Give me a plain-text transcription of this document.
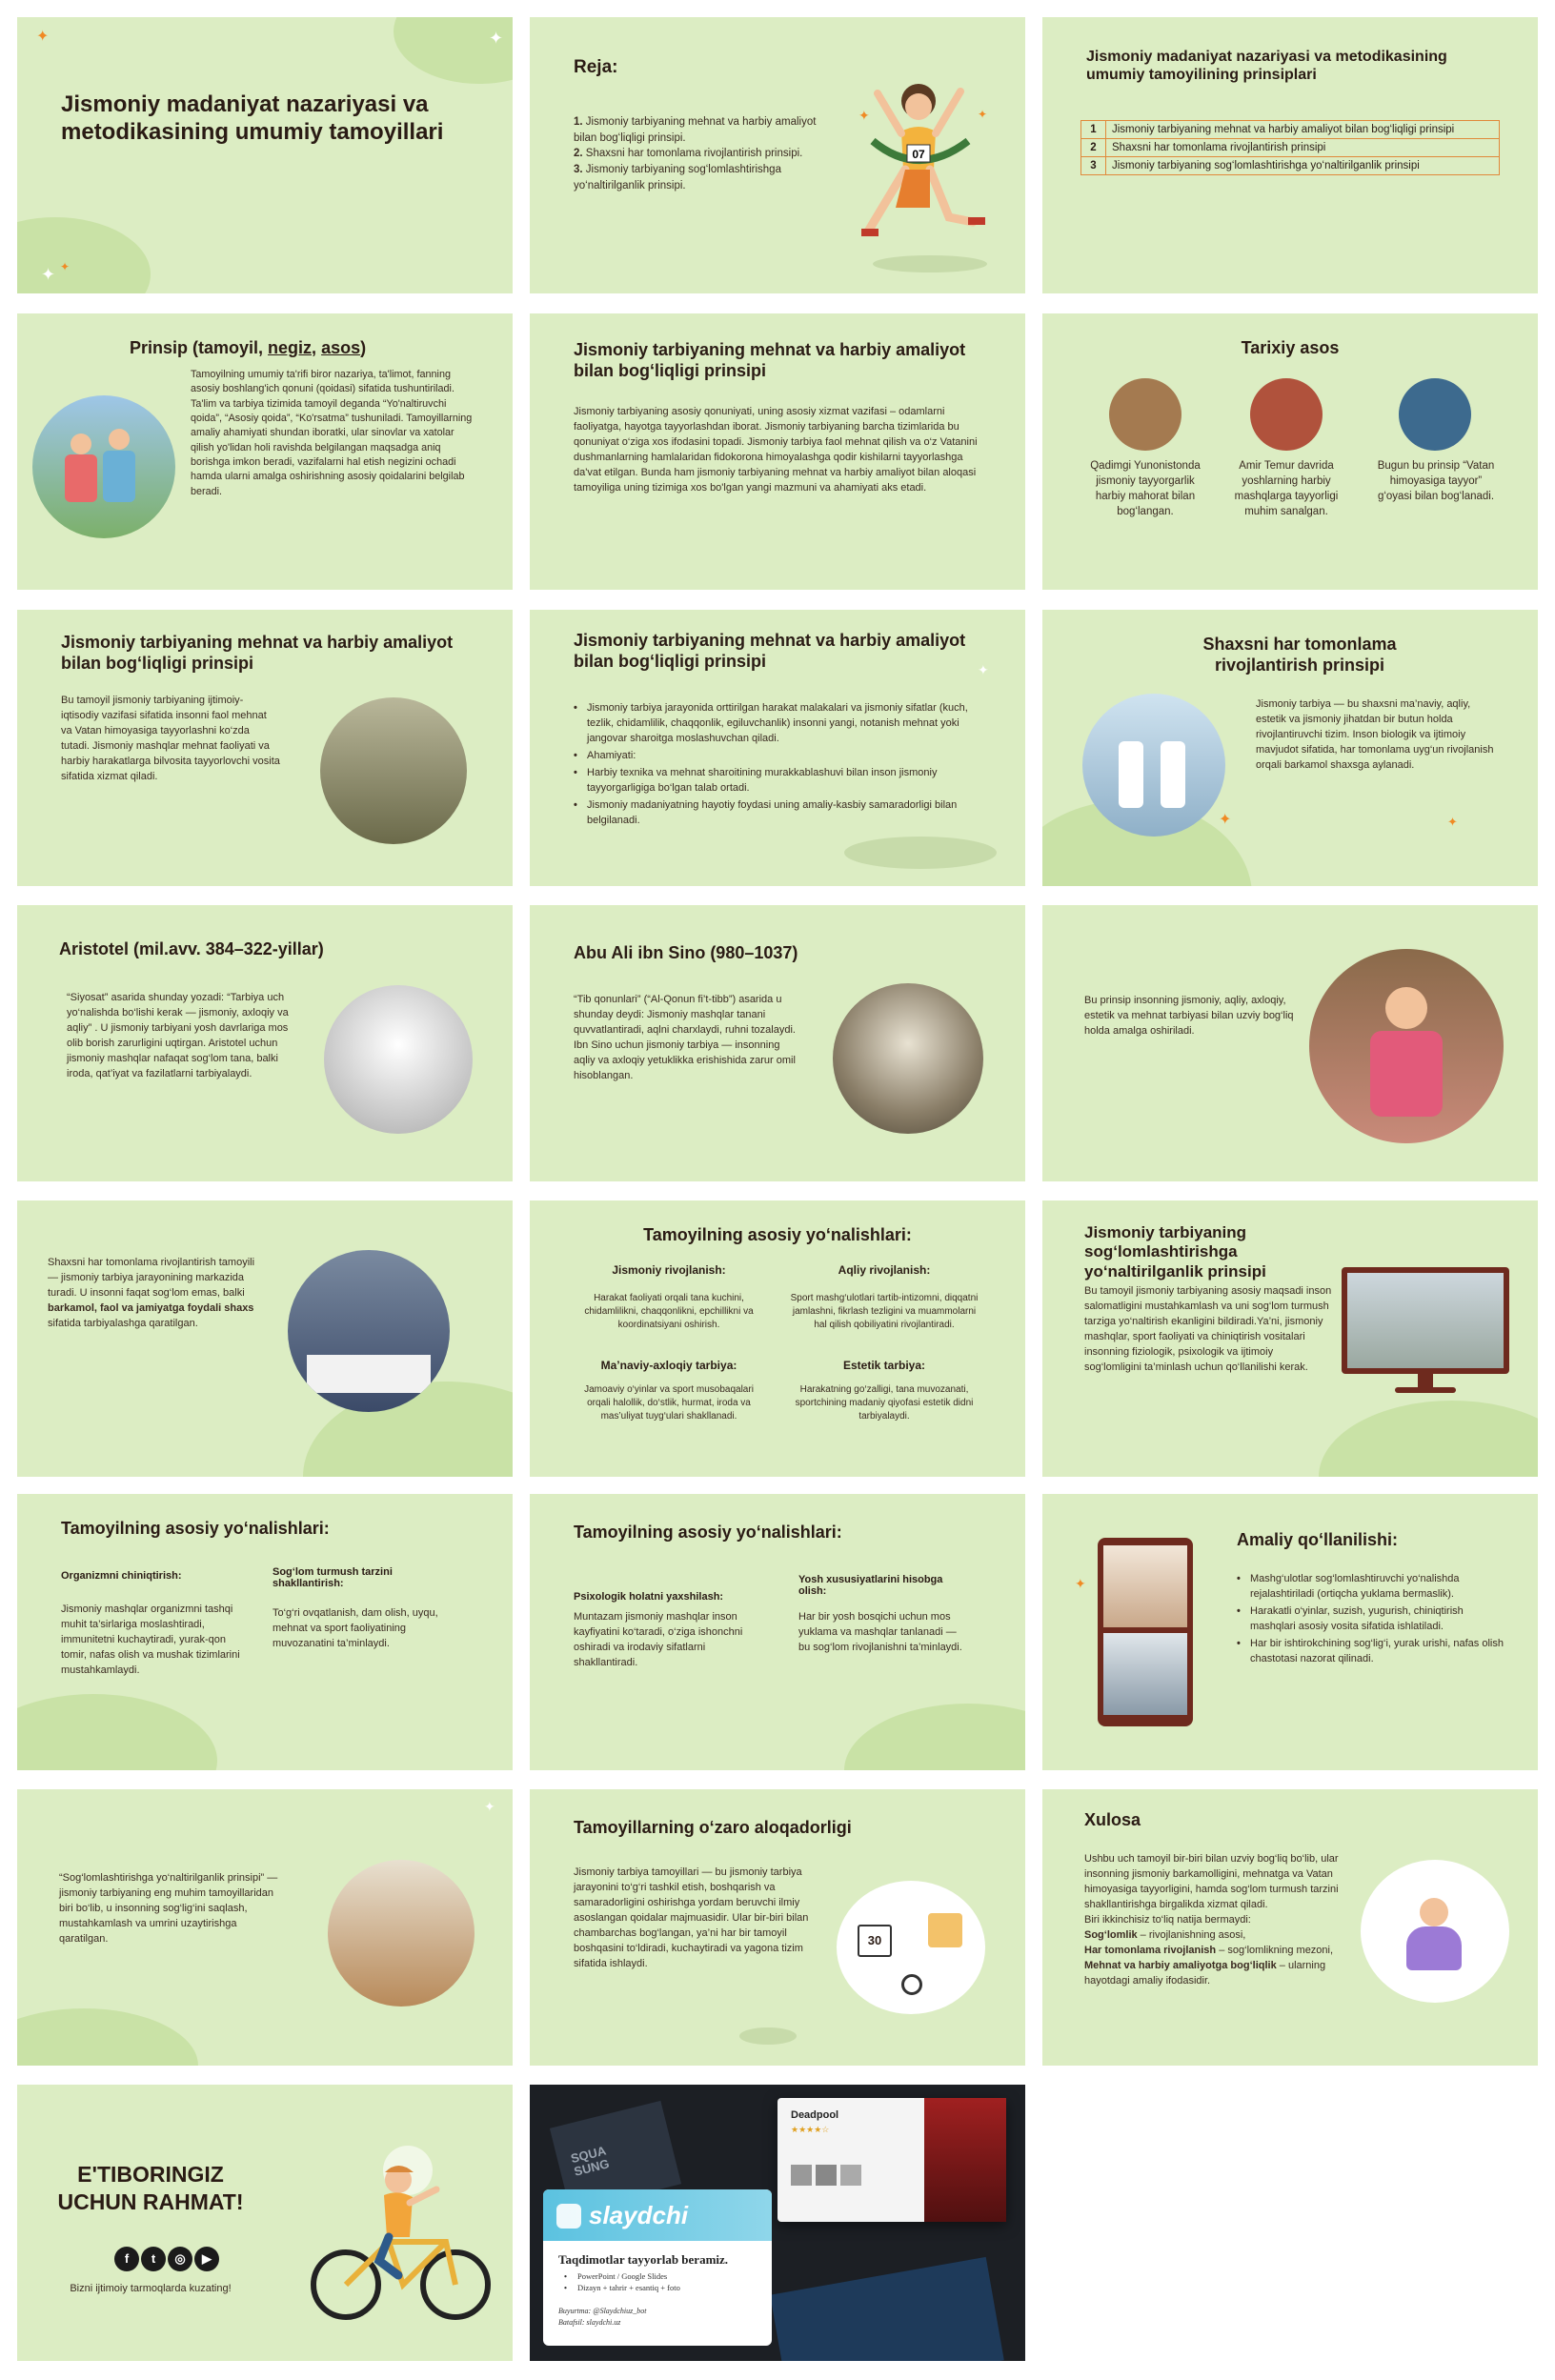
✦	✦
✦ ✦
Jismoniy madaniyat nazariyasi va metodikasining umumiy tamoyillari
Reja:
1. Jismoniy tarbiyaning mehnat va harbiy amaliyot bilan bog‘liqligi prinsipi.
2. Shaxsni har tomonlama rivojlantirish prinsipi.
3. Jismoniy tarbiyaning sog‘lomlashtirishga yo‘naltirilganlik prinsipi.
07
✦	✦
Jismoniy madaniyat nazariyasi va metodikasining umumiy tamoyilining prinsiplari
1	Jismoniy tarbiyaning mehnat va harbiy amaliyot bilan bog‘liqligi prinsipi
2	Shaxsni har tomonlama rivojlantirish prinsipi
3	Jismoniy tarbiyaning sog‘lomlashtirishga yo‘naltirilganlik prinsipi
Prinsip (tamoyil, negiz, asos)
Tamoyilning umumiy ta'rifi biror nazariya, ta'limot, fanning asosiy boshlang'ich qonuni (qoidasi) sifatida tushuntiriladi. Ta'lim va tarbiya tizimida tamoyil deganda “Yo'naltiruvchi qoida”, “Asosiy qoida”, “Ko'rsatma” tushuniladi. Tamoyillarning amaliy ahamiyati shundan iboratki, ular sinovlar va xatolar qilish yo'lidan holi ravishda belgilangan maqsadga aniq borishga imkon beradi, vazifalarni hal etish negizini ochadi hamda ularni amalga oshirishning asosiy qoidalarini belgilab beradi.
Jismoniy tarbiyaning mehnat va harbiy amaliyot bilan bog‘liqligi prinsipi
Jismoniy tarbiyaning asosiy qonuniyati, uning asosiy xizmat vazifasi – odamlarni faoliyatga, hayotga tayyorlashdan iborat. Jismoniy tarbiyaning barcha tizimlarida bu qonuniyat o‘ziga xos ifodasini topadi. Jismoniy tarbiya faol mehnat qilish va o‘z Vatanini dushmanlarning hamlalaridan fidokorona himoyalashga qodir kishilarni tayyorlashga da'vat etilgan. Bunda ham jismoniy tarbiyaning mehnat va harbiy amaliyot bilan aloqasi tamoyiliga uning tizimiga xos bo'lgan yangi mazmuni va ahamiyati aks etadi.
Tarixiy asos
Qadimgi Yunonistonda jismoniy tayyorgarlik harbiy mahorat bilan bog‘langan.
Amir Temur davrida yoshlarning harbiy mashqlarga tayyorligi muhim sanalgan.
Bugun bu prinsip “Vatan himoyasiga tayyor” g‘oyasi bilan bog‘lanadi.
Jismoniy tarbiyaning mehnat va harbiy amaliyot bilan bog‘liqligi prinsipi
Bu tamoyil jismoniy tarbiyaning ijtimoiy-iqtisodiy vazifasi sifatida insonni faol mehnat va Vatan himoyasiga tayyorlashni ko‘zda tutadi. Jismoniy mashqlar mehnat faoliyati va harbiy harakatlarga bilvosita tayyorlovchi vosita sifatida xizmat qiladi.
Jismoniy tarbiyaning mehnat va harbiy amaliyot bilan bog‘liqligi prinsipi	✦
• Jismoniy tarbiya jarayonida orttirilgan harakat malakalari va jismoniy sifatlar (kuch, tezlik, chidamlilik, chaqqonlik, egiluvchanlik) insonni yangi, notanish mehnat yoki jangovar sharoitga moslashuvchan qiladi.
• Ahamiyati:
• Harbiy texnika va mehnat sharoitining murakkablashuvi bilan inson jismoniy tayyorgarligiga bo‘lgan talab ortadi.
• Jismoniy madaniyatning hayotiy foydasi uning amaliy-kasbiy samaradorligi bilan belgilanadi.
Shaxsni har tomonlama rivojlantirish prinsipi
Jismoniy tarbiya — bu shaxsni ma’naviy, aqliy, estetik va jismoniy jihatdan bir butun holda rivojlantiruvchi tizim. Inson biologik va ijtimoiy mavjudot sifatida, har tomonlama uyg‘un rivojlanish orqali barkamol shaxsga aylanadi.
✦	✦
Aristotel (mil.avv. 384–322-yillar)
“Siyosat” asarida shunday yozadi: “Tarbiya uch yo‘nalishda bo‘lishi kerak — jismoniy, axloqiy va aqliy” . U jismoniy tarbiyani yosh davrlariga mos olib borish zarurligini uqtirgan. Aristotel uchun jismoniy mashqlar nafaqat sog‘lom tana, balki iroda, qat’iyat va fazilatlarni tarbiyalaydi.
Abu Ali ibn Sino (980–1037)
“Tib qonunlari” (“Al-Qonun fi’t-tibb”) asarida u shunday deydi: Jismoniy mashqlar tanani quvvatlantiradi, aqlni charxlaydi, ruhni tozalaydi. Ibn Sino uchun jismoniy tarbiya — insonning aqliy va axloqiy yetuklikka erishishida zarur omil hisoblangan.
Bu prinsip insonning jismoniy, aqliy, axloqiy, estetik va mehnat tarbiyasi bilan uzviy bog‘liq holda amalga oshiriladi.
Shaxsni har tomonlama rivojlantirish tamoyili — jismoniy tarbiya jarayonining markazida turadi. U insonni faqat sog‘lom emas, balki barkamol, faol va jamiyatga foydali shaxs sifatida tarbiyalashga qaratilgan.
Tamoyilning asosiy yo‘nalishlari:
Jismoniy rivojlanish:
Harakat faoliyati orqali tana kuchini, chidamlilikni, chaqqonlikni, epchillikni va koordinatsiyani oshirish.
Aqliy rivojlanish:
Sport mashg‘ulotlari tartib-intizomni, diqqatni jamlashni, fikrlash tezligini va muammolarni hal qilish qobiliyatini rivojlantiradi.
Ma’naviy-axloqiy tarbiya:
Jamoaviy o‘yinlar va sport musobaqalari orqali halollik, do‘stlik, hurmat, iroda va mas’uliyat tuyg‘ulari shakllanadi.
Estetik tarbiya:
Harakatning go‘zalligi, tana muvozanati, sportchining madaniy qiyofasi estetik didni tarbiyalaydi.
Jismoniy tarbiyaning sog‘lomlashtirishga yo‘naltirilganlik prinsipi
Bu tamoyil jismoniy tarbiyaning asosiy maqsadi inson salomatligini mustahkamlash va uni sog‘lom turmush tarziga yo‘naltirish ekanligini bildiradi.Ya’ni, jismoniy mashqlar, sport faoliyati va chiniqtirish vositalari insonning fiziologik, psixologik va ijtimoiy sog‘lomligini ta’minlash uchun qo‘llanilishi kerak.
Tamoyilning asosiy yo‘nalishlari:
Organizmni chiniqtirish:
Jismoniy mashqlar organizmni tashqi muhit ta’sirlariga moslashtiradi, immunitetni kuchaytiradi, yurak-qon tomir, nafas olish va mushak tizimlarini mustahkamlaydi.
Sog‘lom turmush tarzini shakllantirish:
To‘g‘ri ovqatlanish, dam olish, uyqu, mehnat va sport faoliyatining muvozanatini ta’minlaydi.
Tamoyilning asosiy yo‘nalishlari:
Psixologik holatni yaxshilash:
Muntazam jismoniy mashqlar inson kayfiyatini ko‘taradi, o‘ziga ishonchni oshiradi va irodaviy sifatlarni shakllantiradi.
Yosh xususiyatlarini hisobga olish:
Har bir yosh bosqichi uchun mos yuklama va mashqlar tanlanadi — bu sog‘lom rivojlanishni ta’minlaydi.
✦
Amaliy qo‘llanilishi:
• Mashg‘ulotlar sog‘lomlashtiruvchi yo‘nalishda rejalashtiriladi (ortiqcha yuklama bermaslik).
• Harakatli o‘yinlar, suzish, yugurish, chiniqtirish mashqlari asosiy vosita sifatida ishlatiladi.
• Har bir ishtirokchining sog‘lig‘i, yurak urishi, nafas olish chastotasi nazorat qilinadi.
✦
“Sog‘lomlashtirishga yo‘naltirilganlik prinsipi” — jismoniy tarbiyaning eng muhim tamoyillaridan biri bo‘lib, u insonning sog‘lig‘ini saqlash, mustahkamlash va umrini uzaytirishga qaratilgan.
Tamoyillarning o‘zaro aloqadorligi
Jismoniy tarbiya tamoyillari — bu jismoniy tarbiya jarayonini to‘g‘ri tashkil etish, boshqarish va samaradorligini oshirishga yordam beruvchi ilmiy asoslangan qoidalar majmuasidir. Ular bir-biri bilan chambarchas bog‘langan, ya’ni har bir tamoyil boshqasini to‘ldiradi, kuchaytiradi va yagona tizim sifatida ishlaydi.
30
Xulosa
Ushbu uch tamoyil bir-biri bilan uzviy bog‘liq bo‘lib, ular insonning jismoniy barkamolligini, mehnatga va Vatan himoyasiga tayyorligini, hamda sog‘lom turmush tarzini shakllantirishga birgalikda xizmat qiladi.
Biri ikkinchisiz to‘liq natija bermaydi:
Sog‘lomlik – rivojlanishning asosi,
Har tomonlama rivojlanish – sog‘lomlikning mezoni,
Mehnat va harbiy amaliyotga bog‘liqlik – ularning hayotdagi amaliy ifodasidir.
E'TIBORINGIZ
UCHUN RAHMAT!
f	t	◎	▶
Bizni ijtimoiy tarmoqlarda kuzating!
SQUA SUNG
Deadpool
★★★★☆
slaydchi
Taqdimotlar tayyorlab beramiz.
• PowerPoint / Google Slides
• Dizayn + tahrir + esantiq + foto
Buyurtma: @Slaydchiuz_bot
Batafsil: slaydchi.uz
